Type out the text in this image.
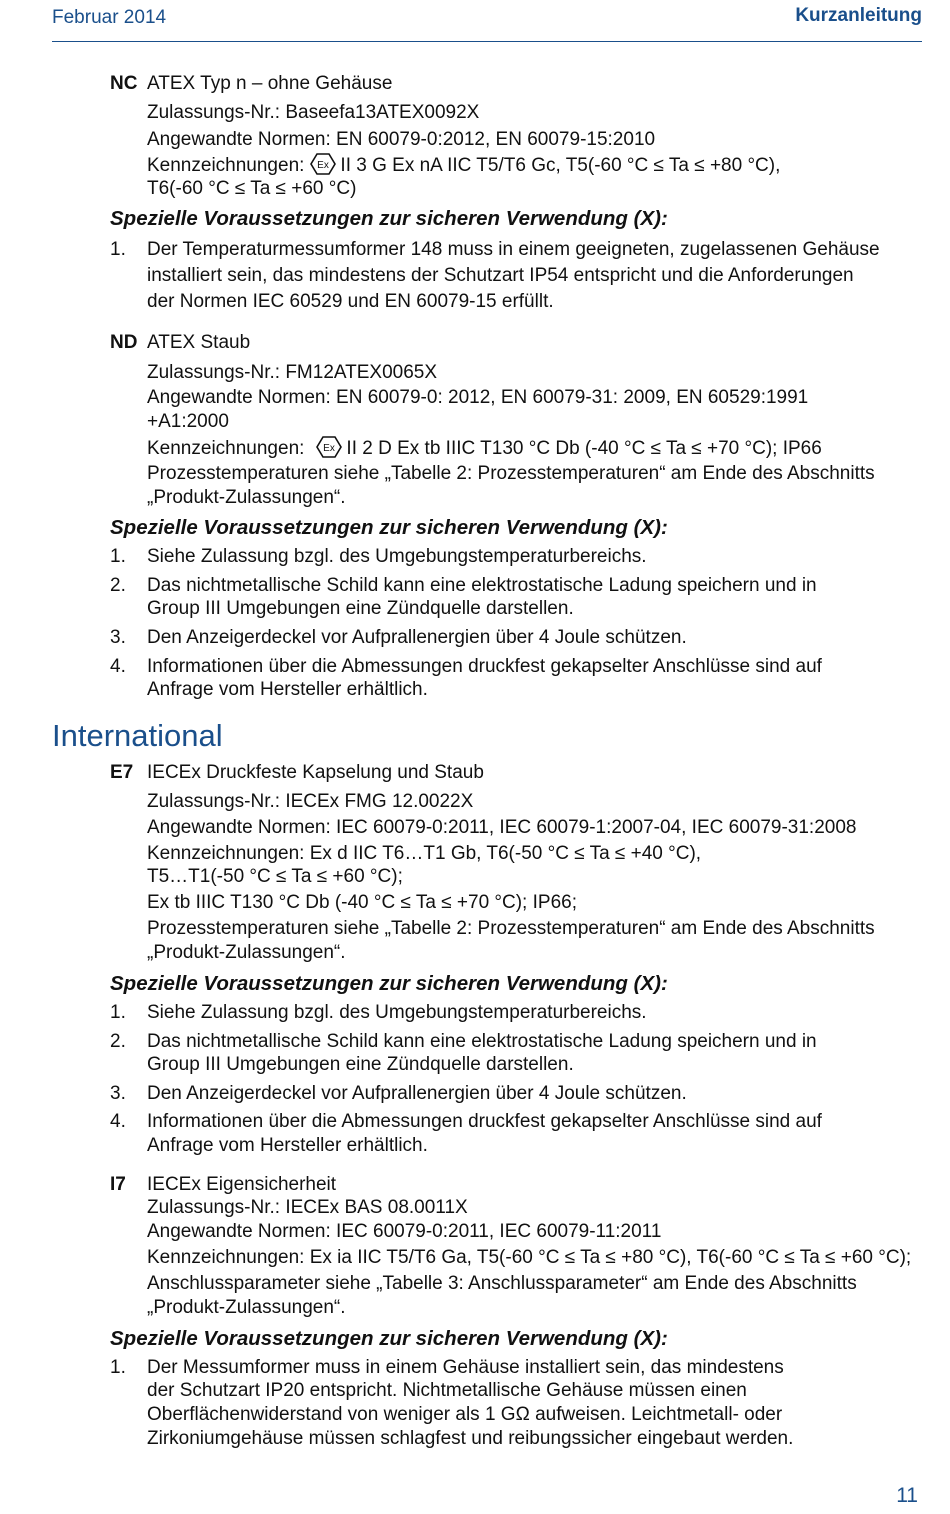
Februar 2014	Kurzanleitung
NC ATEX Typ n – ohne Gehäuse
Zulassungs-Nr.: Baseefa13ATEX0092X
Angewandte Normen: EN 60079-0:2012, EN 60079-15:2010
Kennzeichnungen: Ex II 3 G Ex nA IIC T5/T6 Gc, T5(-60 °C ≤ Ta ≤ +80 °C),
T6(-60 °C ≤ Ta ≤ +60 °C)
Spezielle Voraussetzungen zur sicheren Verwendung (X):
1. Der Temperaturmessumformer 148 muss in einem geeigneten, zugelassenen Gehäuse
installiert sein, das mindestens der Schutzart IP54 entspricht und die Anforderungen
der Normen IEC 60529 und EN 60079-15 erfüllt.
ND ATEX Staub
Zulassungs-Nr.: FM12ATEX0065X
Angewandte Normen: EN 60079-0: 2012, EN 60079-31: 2009, EN 60529:1991
+A1:2000
Kennzeichnungen: Ex II 2 D Ex tb IIIC T130 °C Db (-40 °C ≤ Ta ≤ +70 °C); IP66
Prozesstemperaturen siehe „Tabelle 2: Prozesstemperaturen“ am Ende des Abschnitts
„Produkt-Zulassungen“.
Spezielle Voraussetzungen zur sicheren Verwendung (X):
1. Siehe Zulassung bzgl. des Umgebungstemperaturbereichs.
2. Das nichtmetallische Schild kann eine elektrostatische Ladung speichern und in
Group III Umgebungen eine Zündquelle darstellen.
3. Den Anzeigerdeckel vor Aufprallenergien über 4 Joule schützen.
4. Informationen über die Abmessungen druckfest gekapselter Anschlüsse sind auf
Anfrage vom Hersteller erhältlich.
International
E7 IECEx Druckfeste Kapselung und Staub
Zulassungs-Nr.: IECEx FMG 12.0022X
Angewandte Normen: IEC 60079-0:2011, IEC 60079-1:2007-04, IEC 60079-31:2008
Kennzeichnungen: Ex d IIC T6…T1 Gb, T6(-50 °C ≤ Ta ≤ +40 °C),
T5…T1(-50 °C ≤ Ta ≤ +60 °C);
Ex tb IIIC T130 °C Db (-40 °C ≤ Ta ≤ +70 °C); IP66;
Prozesstemperaturen siehe „Tabelle 2: Prozesstemperaturen“ am Ende des Abschnitts
„Produkt-Zulassungen“.
Spezielle Voraussetzungen zur sicheren Verwendung (X):
1. Siehe Zulassung bzgl. des Umgebungstemperaturbereichs.
2. Das nichtmetallische Schild kann eine elektrostatische Ladung speichern und in
Group III Umgebungen eine Zündquelle darstellen.
3. Den Anzeigerdeckel vor Aufprallenergien über 4 Joule schützen.
4. Informationen über die Abmessungen druckfest gekapselter Anschlüsse sind auf
Anfrage vom Hersteller erhältlich.
I7 IECEx Eigensicherheit
Zulassungs-Nr.: IECEx BAS 08.0011X
Angewandte Normen: IEC 60079-0:2011, IEC 60079-11:2011
Kennzeichnungen: Ex ia IIC T5/T6 Ga, T5(-60 °C ≤ Ta ≤ +80 °C), T6(-60 °C ≤ Ta ≤ +60 °C);
Anschlussparameter siehe „Tabelle 3: Anschlussparameter“ am Ende des Abschnitts
„Produkt-Zulassungen“.
Spezielle Voraussetzungen zur sicheren Verwendung (X):
1. Der Messumformer muss in einem Gehäuse installiert sein, das mindestens
der Schutzart IP20 entspricht. Nichtmetallische Gehäuse müssen einen
Oberflächenwiderstand von weniger als 1 GΩ aufweisen. Leichtmetall- oder
Zirkoniumgehäuse müssen schlagfest und reibungssicher eingebaut werden.
11
